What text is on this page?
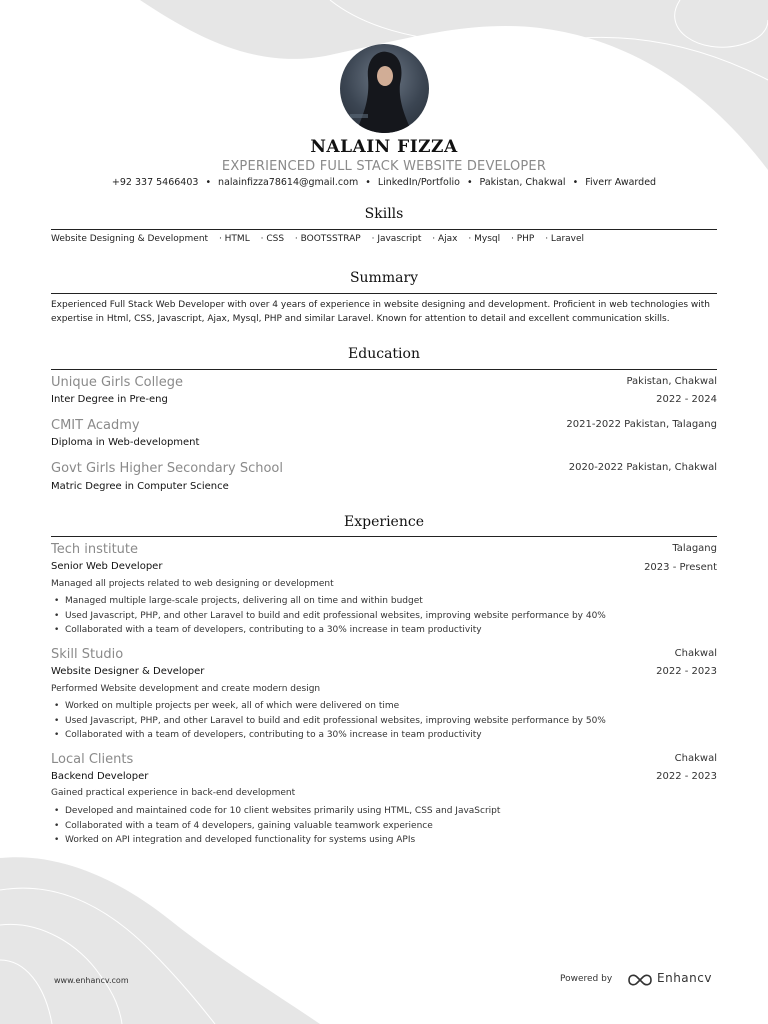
NALAIN FIZZA
EXPERIENCED FULL STACK WEBSITE DEVELOPER
+92 337 5466403 • nalainfizza78614@gmail.com • LinkedIn/Portfolio • Pakistan, Chakwal • Fiverr Awarded
Skills
Website Designing & Development · HTML · CSS · BOOTSSTRAP · Javascript · Ajax · Mysql · PHP · Laravel
Summary
Experienced Full Stack Web Developer with over 4 years of experience in website designing and development. Proficient in web technologies with expertise in Html, CSS, Javascript, Ajax, Mysql, PHP and similar Laravel. Known for attention to detail and excellent communication skills.
Education
Unique Girls College	Pakistan, Chakwal
Inter Degree in Pre-eng	2022 - 2024
CMIT Acadmy	2021-2022 Pakistan, Talagang
Diploma in Web-development
Govt Girls Higher Secondary School	2020-2022 Pakistan, Chakwal
Matric Degree in Computer Science
Experience
Tech institute	Talagang
Senior Web Developer	2023 - Present
Managed all projects related to web designing or development
• Managed multiple large-scale projects, delivering all on time and within budget
• Used Javascript, PHP, and other Laravel to build and edit professional websites, improving website performance by 40%
• Collaborated with a team of developers, contributing to a 30% increase in team productivity
Skill Studio	Chakwal
Website Designer & Developer	2022 - 2023
Performed Website development and create modern design
• Worked on multiple projects per week, all of which were delivered on time
• Used Javascript, PHP, and other Laravel to build and edit professional websites, improving website performance by 50%
• Collaborated with a team of developers, contributing to a 30% increase in team productivity
Local Clients	Chakwal
Backend Developer	2022 - 2023
Gained practical experience in back-end development
• Developed and maintained code for 10 client websites primarily using HTML, CSS and JavaScript
• Collaborated with a team of 4 developers, gaining valuable teamwork experience
• Worked on API integration and developed functionality for systems using APIs
www.enhancv.com	Powered by	Enhancv
